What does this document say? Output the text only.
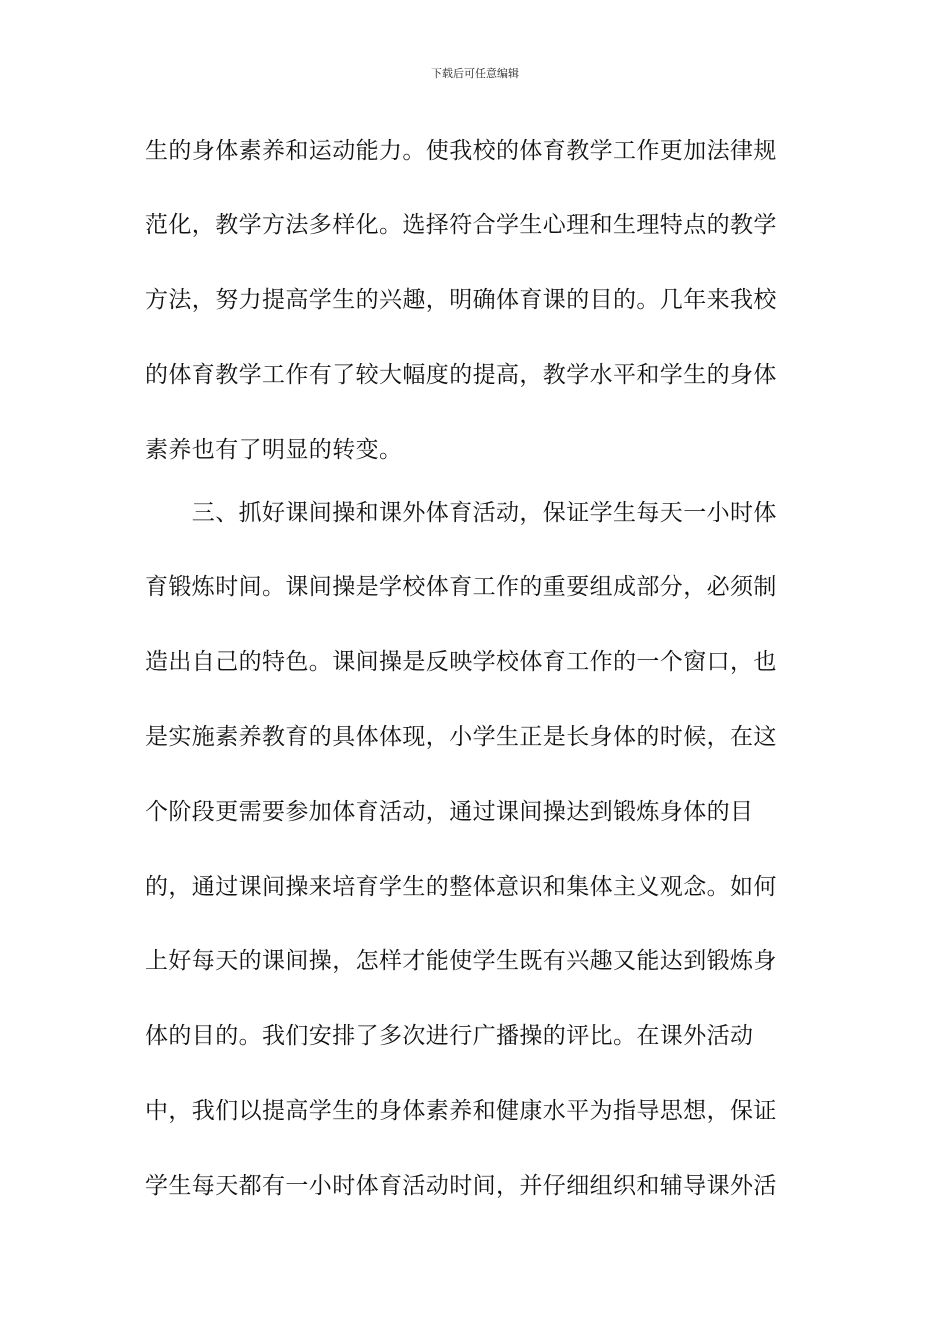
下载后可任意编辑
生的身体素养和运动能力。使我校的体育教学工作更加法律规
范化，教学方法多样化。选择符合学生心理和生理特点的教学
方法，努力提高学生的兴趣，明确体育课的目的。几年来我校
的体育教学工作有了较大幅度的提高，教学水平和学生的身体
素养也有了明显的转变。
　　三、抓好课间操和课外体育活动，保证学生每天一小时体
育锻炼时间。课间操是学校体育工作的重要组成部分，必须制
造出自己的特色。课间操是反映学校体育工作的一个窗口，也
是实施素养教育的具体体现，小学生正是长身体的时候，在这
个阶段更需要参加体育活动，通过课间操达到锻炼身体的目
的，通过课间操来培育学生的整体意识和集体主义观念。如何
上好每天的课间操，怎样才能使学生既有兴趣又能达到锻炼身
体的目的。我们安排了多次进行广播操的评比。在课外活动
中，我们以提高学生的身体素养和健康水平为指导思想，保证
学生每天都有一小时体育活动时间，并仔细组织和辅导课外活
